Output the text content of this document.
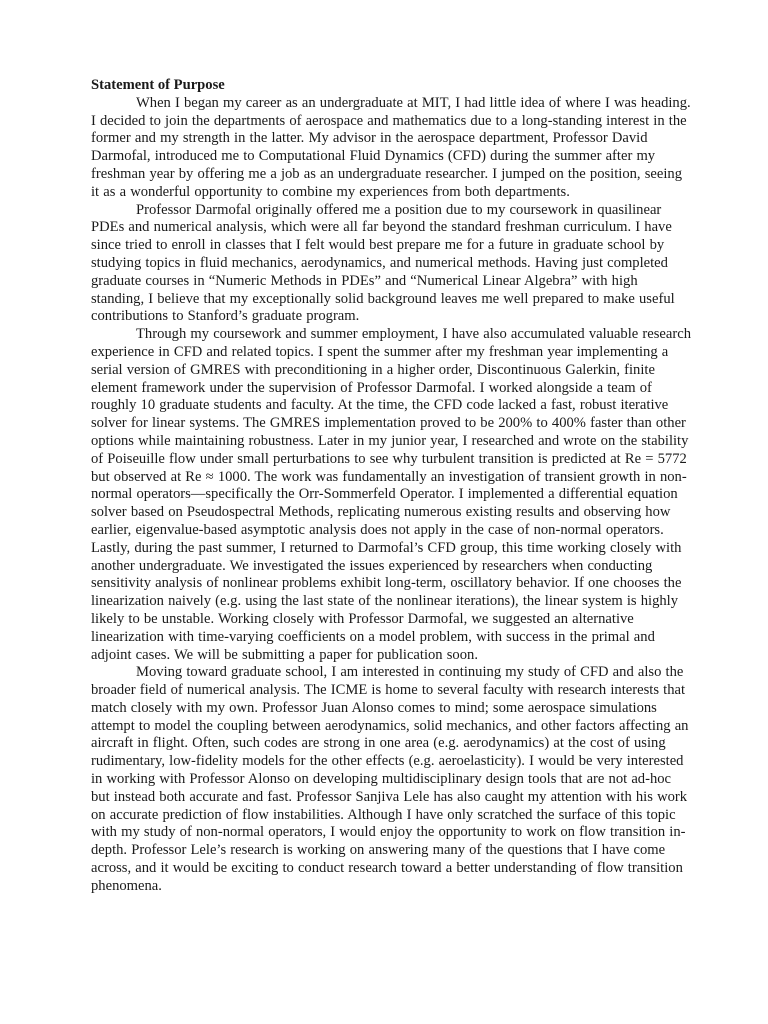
Statement of Purpose

When I began my career as an undergraduate at MIT, I had little idea of where I was heading. I decided to join the departments of aerospace and mathematics due to a long-standing interest in the former and my strength in the latter. My advisor in the aerospace department, Professor David Darmofal, introduced me to Computational Fluid Dynamics (CFD) during the summer after my freshman year by offering me a job as an undergraduate researcher. I jumped on the position, seeing it as a wonderful opportunity to combine my experiences from both departments.

Professor Darmofal originally offered me a position due to my coursework in quasilinear PDEs and numerical analysis, which were all far beyond the standard freshman curriculum. I have since tried to enroll in classes that I felt would best prepare me for a future in graduate school by studying topics in fluid mechanics, aerodynamics, and numerical methods. Having just completed graduate courses in “Numeric Methods in PDEs” and “Numerical Linear Algebra” with high standing, I believe that my exceptionally solid background leaves me well prepared to make useful contributions to Stanford’s graduate program.

Through my coursework and summer employment, I have also accumulated valuable research experience in CFD and related topics. I spent the summer after my freshman year implementing a serial version of GMRES with preconditioning in a higher order, Discontinuous Galerkin, finite element framework under the supervision of Professor Darmofal. I worked alongside a team of roughly 10 graduate students and faculty. At the time, the CFD code lacked a fast, robust iterative solver for linear systems. The GMRES implementation proved to be 200% to 400% faster than other options while maintaining robustness. Later in my junior year, I researched and wrote on the stability of Poiseuille flow under small perturbations to see why turbulent transition is predicted at Re = 5772 but observed at Re ≈ 1000. The work was fundamentally an investigation of transient growth in non-normal operators—specifically the Orr-Sommerfeld Operator. I implemented a differential equation solver based on Pseudospectral Methods, replicating numerous existing results and observing how earlier, eigenvalue-based asymptotic analysis does not apply in the case of non-normal operators. Lastly, during the past summer, I returned to Darmofal’s CFD group, this time working closely with another undergraduate. We investigated the issues experienced by researchers when conducting sensitivity analysis of nonlinear problems exhibit long-term, oscillatory behavior. If one chooses the linearization naively (e.g. using the last state of the nonlinear iterations), the linear system is highly likely to be unstable. Working closely with Professor Darmofal, we suggested an alternative linearization with time-varying coefficients on a model problem, with success in the primal and adjoint cases. We will be submitting a paper for publication soon.

Moving toward graduate school, I am interested in continuing my study of CFD and also the broader field of numerical analysis. The ICME is home to several faculty with research interests that match closely with my own. Professor Juan Alonso comes to mind; some aerospace simulations attempt to model the coupling between aerodynamics, solid mechanics, and other factors affecting an aircraft in flight. Often, such codes are strong in one area (e.g. aerodynamics) at the cost of using rudimentary, low-fidelity models for the other effects (e.g. aeroelasticity). I would be very interested in working with Professor Alonso on developing multidisciplinary design tools that are not ad-hoc but instead both accurate and fast. Professor Sanjiva Lele has also caught my attention with his work on accurate prediction of flow instabilities. Although I have only scratched the surface of this topic with my study of non-normal operators, I would enjoy the opportunity to work on flow transition in-depth. Professor Lele’s research is working on answering many of the questions that I have come across, and it would be exciting to conduct research toward a better understanding of flow transition phenomena.
